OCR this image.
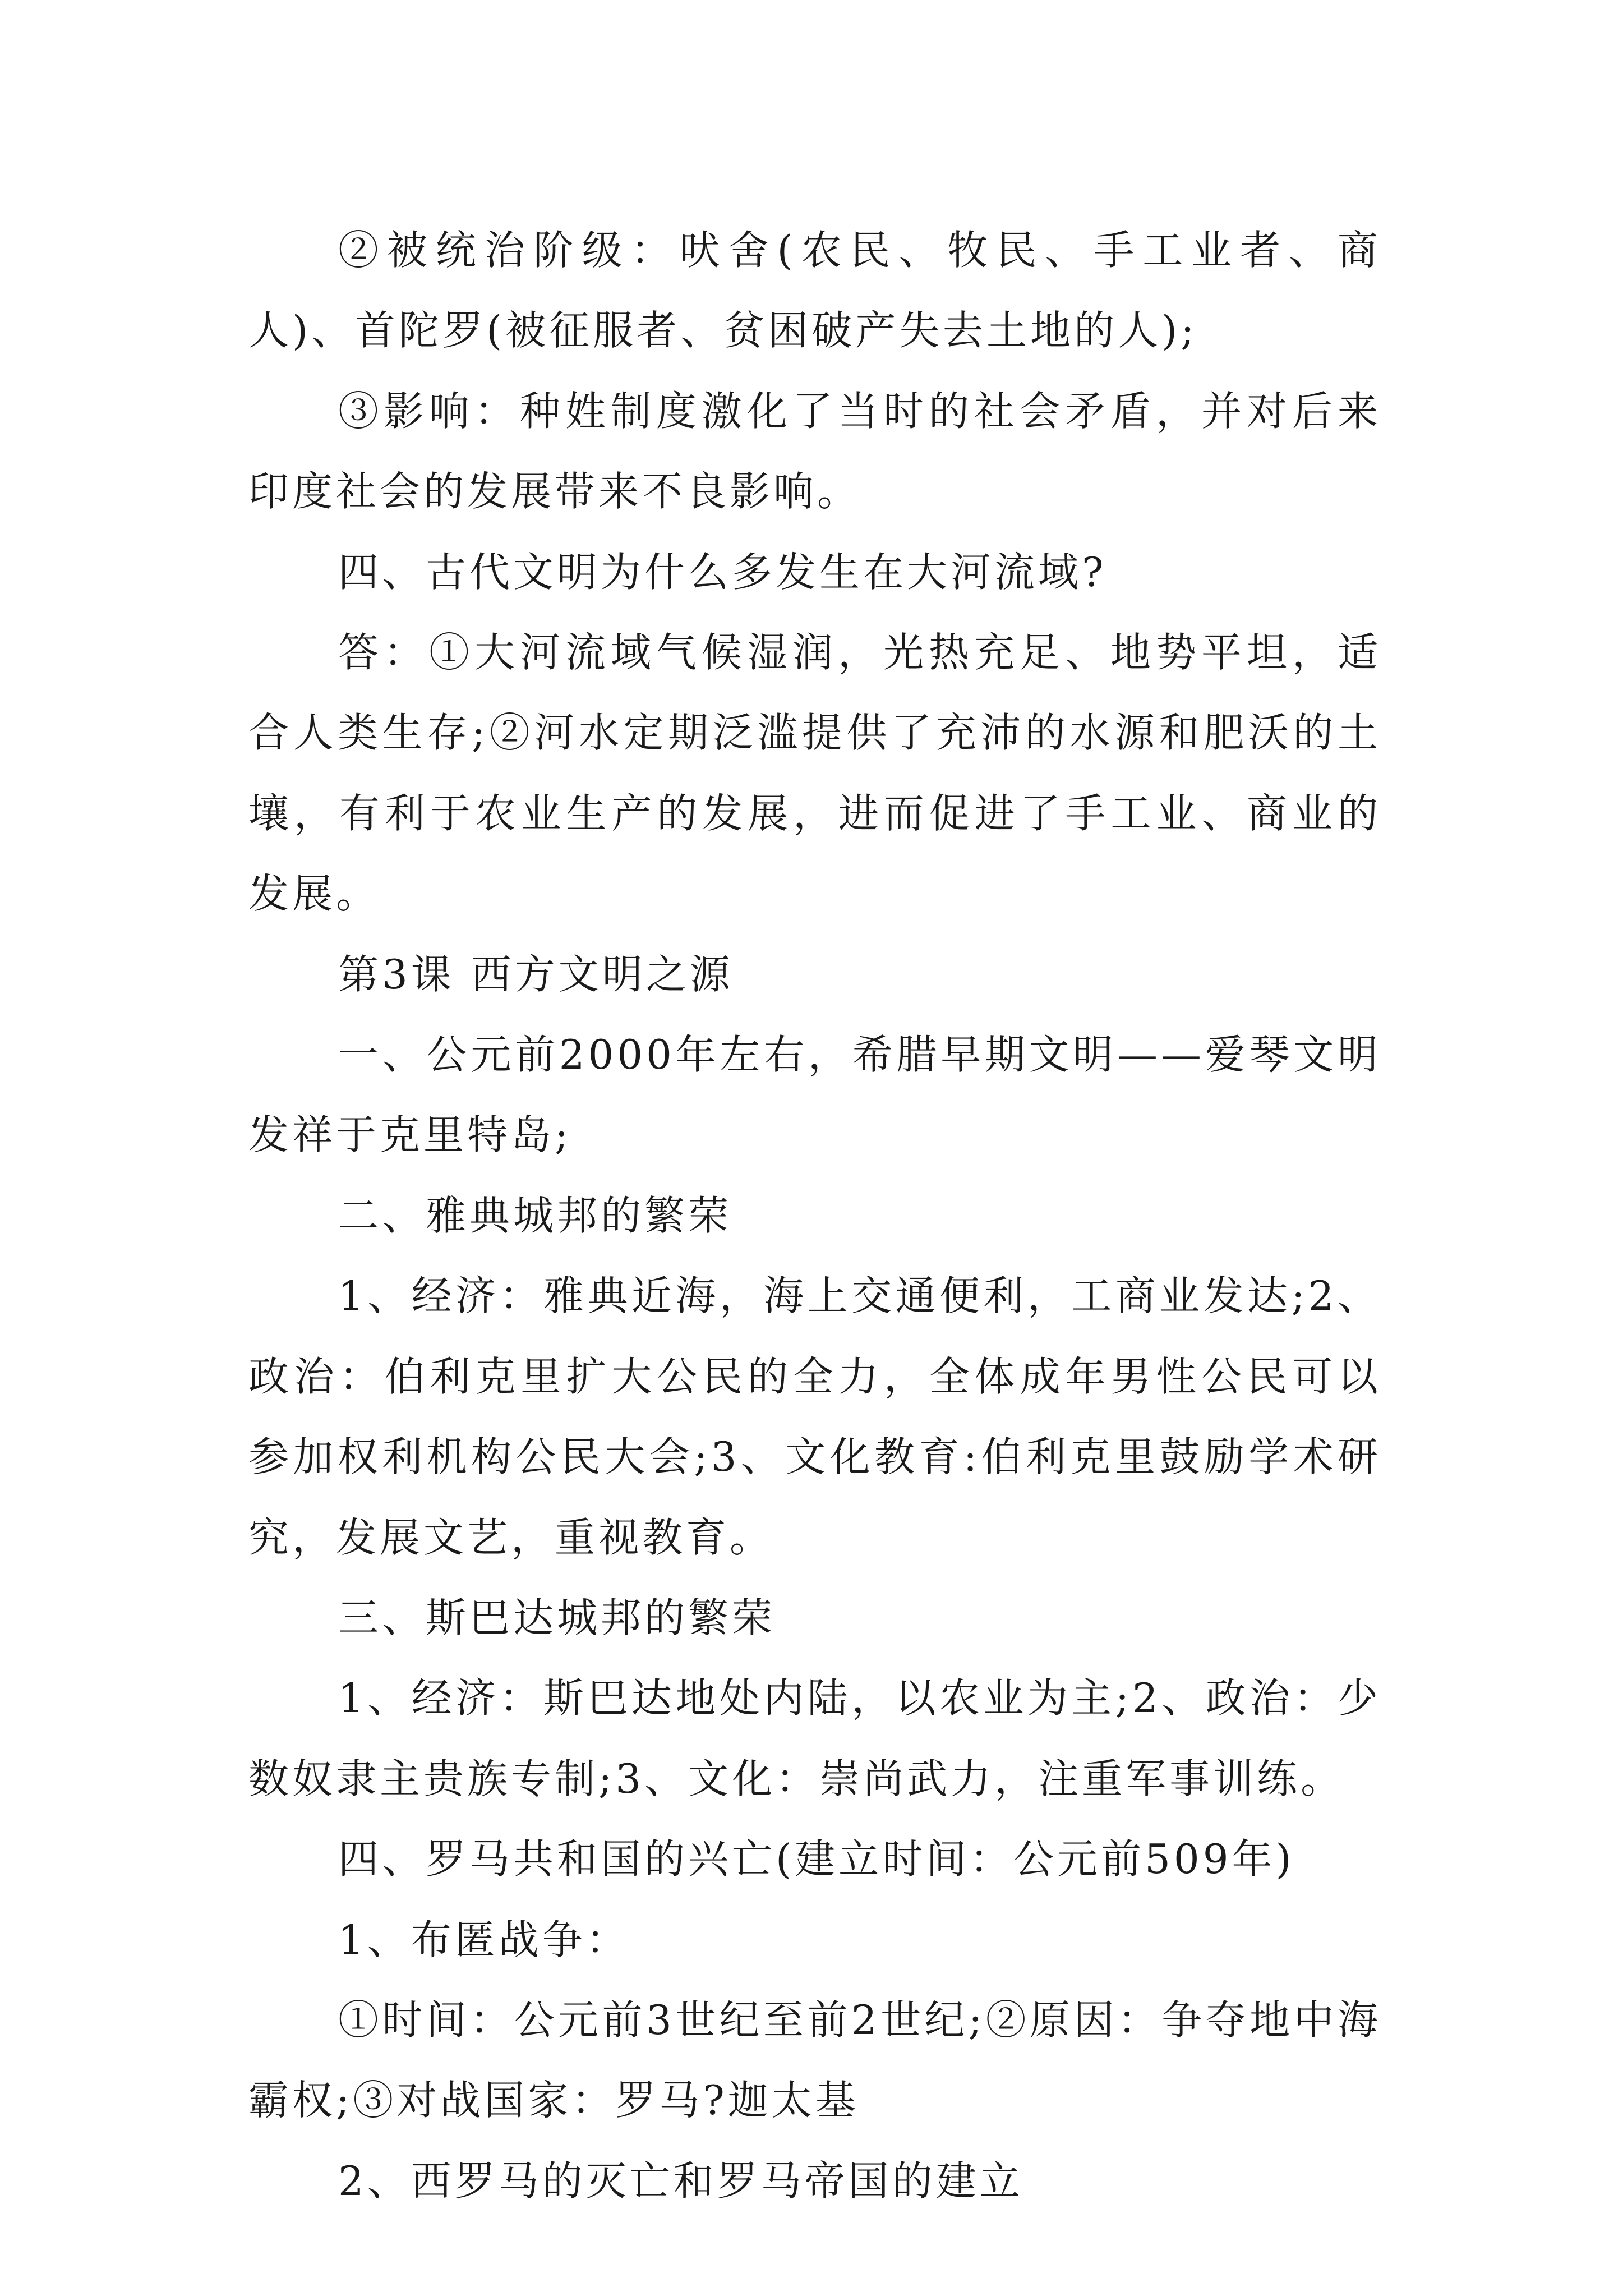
②被统治阶级：吠舍(农民、牧民、手工业者、商人)、首陀罗(被征服者、贫困破产失去土地的人);

③影响：种姓制度激化了当时的社会矛盾，并对后来印度社会的发展带来不良影响。

四、古代文明为什么多发生在大河流域?

答：①大河流域气候湿润，光热充足、地势平坦，适合人类生存;②河水定期泛滥提供了充沛的水源和肥沃的土壤，有利于农业生产的发展，进而促进了手工业、商业的发展。

第3课 西方文明之源

一、公元前2000年左右，希腊早期文明——爱琴文明发祥于克里特岛;

二、雅典城邦的繁荣

1、经济：雅典近海，海上交通便利，工商业发达;2、政治：伯利克里扩大公民的全力，全体成年男性公民可以参加权利机构公民大会;3、文化教育:伯利克里鼓励学术研究，发展文艺，重视教育。

三、斯巴达城邦的繁荣

1、经济：斯巴达地处内陆，以农业为主;2、政治：少数奴隶主贵族专制;3、文化：崇尚武力，注重军事训练。

四、罗马共和国的兴亡(建立时间：公元前509年)

1、布匿战争：

①时间：公元前3世纪至前2世纪;②原因：争夺地中海霸权;③对战国家：罗马?迦太基

2、西罗马的灭亡和罗马帝国的建立
